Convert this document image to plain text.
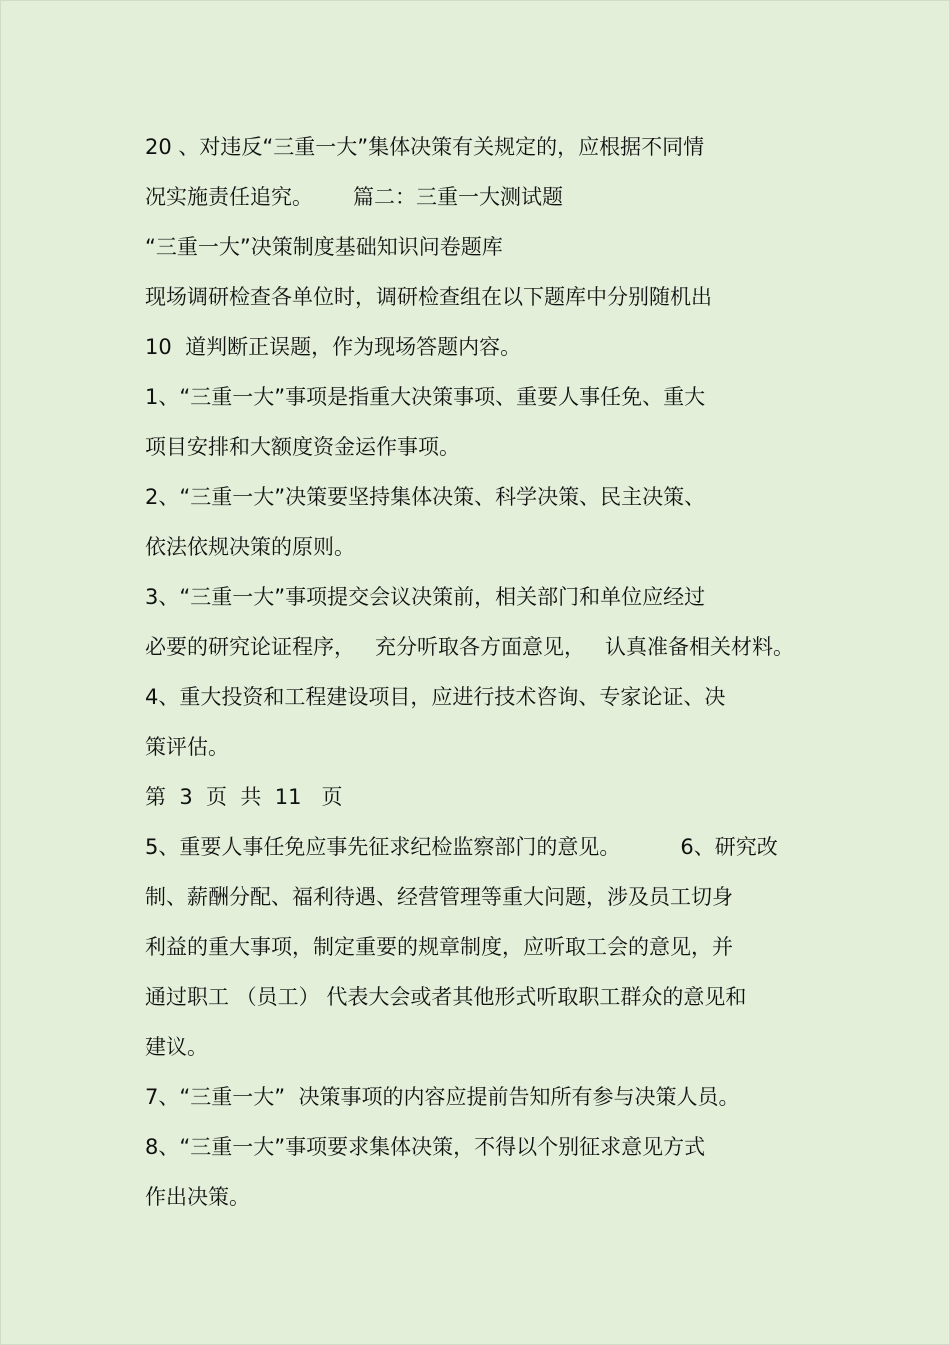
20 、对违反“三重一大”集体决策有关规定的，应根据不同情

况实施责任追究。      篇二：三重一大测试题

“三重一大”决策制度基础知识问卷题库

现场调研检查各单位时，调研检查组在以下题库中分别随机出

10  道判断正误题，作为现场答题内容。

1、“三重一大”事项是指重大决策事项、重要人事任免、重大

项目安排和大额度资金运作事项。

2、“三重一大”决策要坚持集体决策、科学决策、民主决策、

依法依规决策的原则。

3、“三重一大”事项提交会议决策前，相关部门和单位应经过

必要的研究论证程序，   充分听取各方面意见，   认真准备相关材料。

4、重大投资和工程建设项目，应进行技术咨询、专家论证、决

策评估。

第  3  页  共  11   页

5、重要人事任免应事先征求纪检监察部门的意见。         6、研究改

制、薪酬分配、福利待遇、经营管理等重大问题，涉及员工切身

利益的重大事项，制定重要的规章制度，应听取工会的意见，并

通过职工 （员工） 代表大会或者其他形式听取职工群众的意见和

建议。

7、“三重一大”  决策事项的内容应提前告知所有参与决策人员。

8、“三重一大”事项要求集体决策，不得以个别征求意见方式

作出决策。
